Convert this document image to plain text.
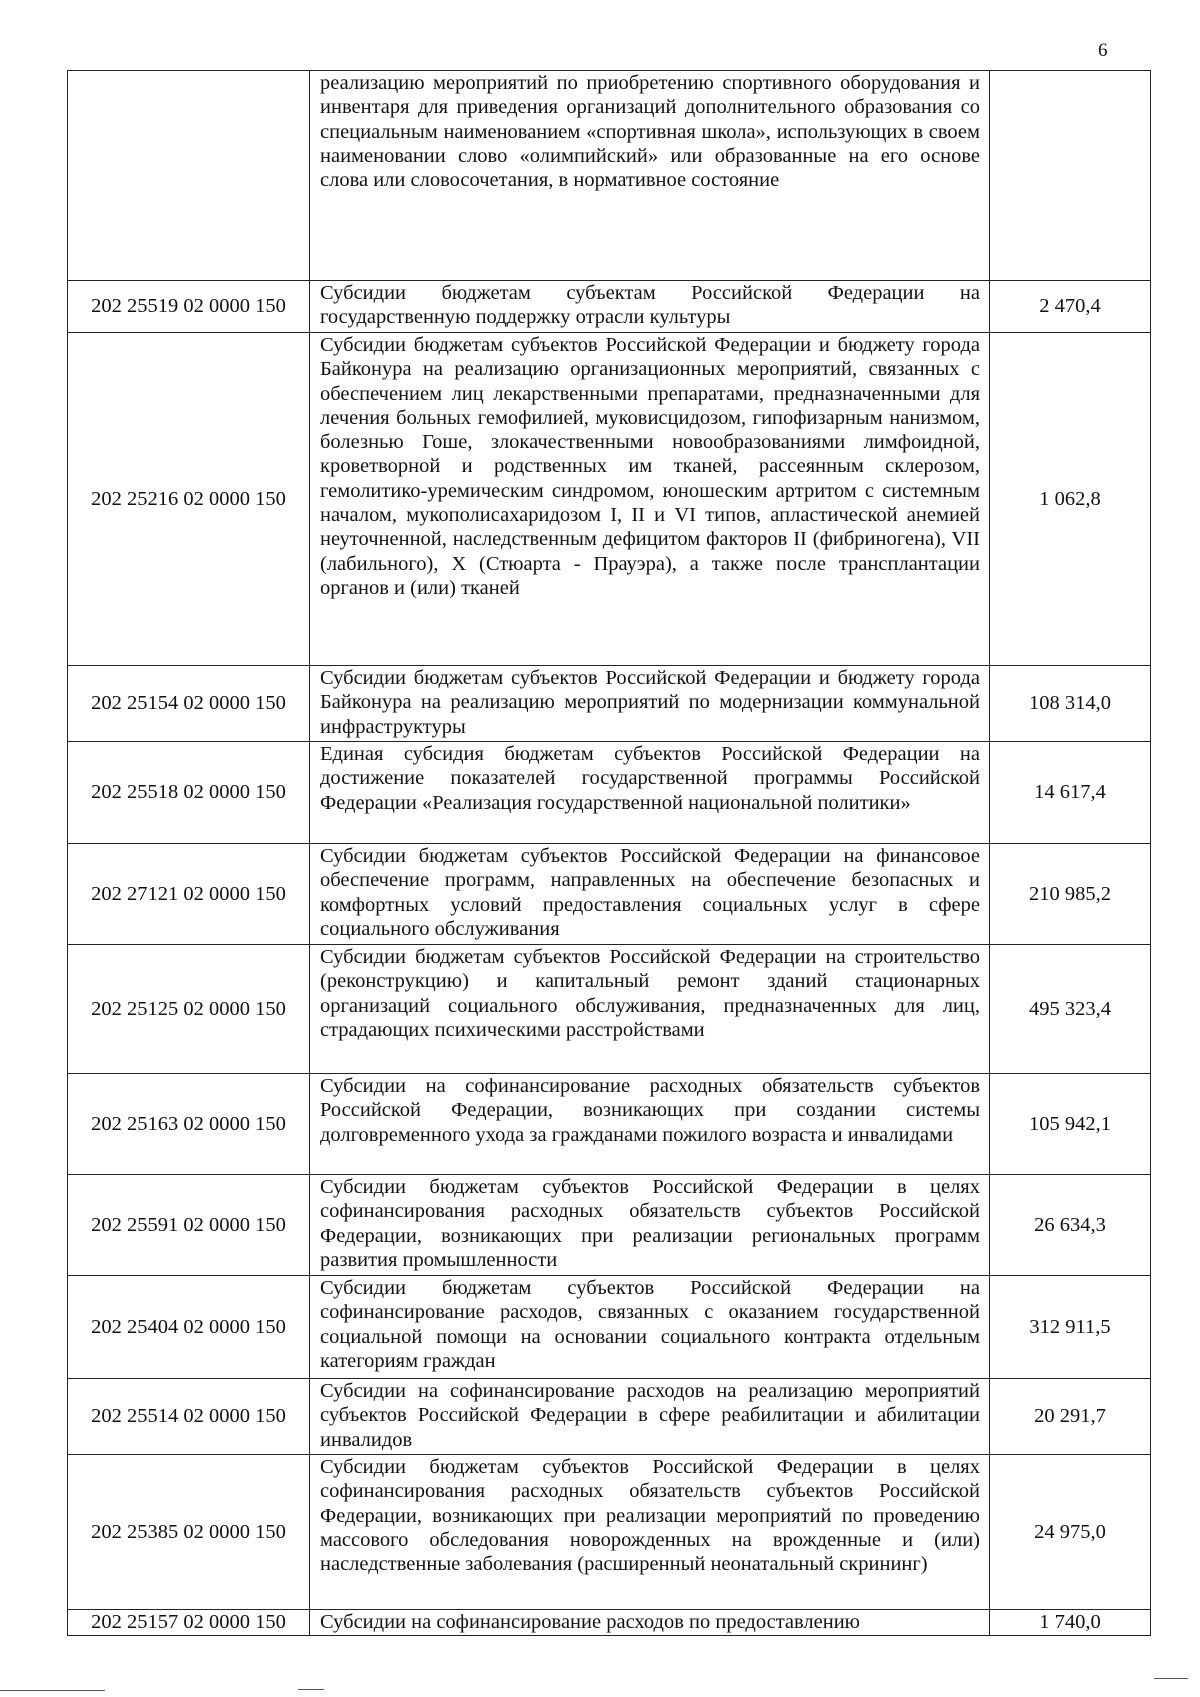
6
	реализацию мероприятий по приобретению спортивного оборудования и инвентаря для приведения организаций дополнительного образования со специальным наименованием «спортивная школа», использующих в своем наименовании слово «олимпийский» или образованные на его основе слова или словосочетания, в нормативное состояние	
202 25519 02 0000 150	Субсидии бюджетам субъектам Российской Федерации на государственную поддержку отрасли культуры	2 470,4
202 25216 02 0000 150	Субсидии бюджетам субъектов Российской Федерации и бюджету города Байконура на реализацию организационных мероприятий, связанных с обеспечением лиц лекарственными препаратами, предназначенными для лечения больных гемофилией, муковисцидозом, гипофизарным нанизмом, болезнью Гоше, злокачественными новообразованиями лимфоидной, кроветворной и родственных им тканей, рассеянным склерозом, гемолитико-уремическим синдромом, юношеским артритом с системным началом, мукополисахаридозом I, II и VI типов, апластической анемией неуточненной, наследственным дефицитом факторов II (фибриногена), VII (лабильного), X (Стюарта - Прауэра), а также после трансплантации органов и (или) тканей	1 062,8
202 25154 02 0000 150	Субсидии бюджетам субъектов Российской Федерации и бюджету города Байконура на реализацию мероприятий по модернизации коммунальной инфраструктуры	108 314,0
202 25518 02 0000 150	Единая субсидия бюджетам субъектов Российской Федерации на достижение показателей государственной программы Российской Федерации «Реализация государственной национальной политики»	14 617,4
202 27121 02 0000 150	Субсидии бюджетам субъектов Российской Федерации на финансовое обеспечение программ, направленных на обеспечение безопасных и комфортных условий предоставления социальных услуг в сфере социального обслуживания	210 985,2
202 25125 02 0000 150	Субсидии бюджетам субъектов Российской Федерации на строительство (реконструкцию) и капитальный ремонт зданий стационарных организаций социального обслуживания, предназначенных для лиц, страдающих психическими расстройствами	495 323,4
202 25163 02 0000 150	Субсидии на софинансирование расходных обязательств субъектов Российской Федерации, возникающих при создании системы долговременного ухода за гражданами пожилого возраста и инвалидами	105 942,1
202 25591 02 0000 150	Субсидии бюджетам субъектов Российской Федерации в целях софинансирования расходных обязательств субъектов Российской Федерации, возникающих при реализации региональных программ развития промышленности	26 634,3
202 25404 02 0000 150	Субсидии бюджетам субъектов Российской Федерации на софинансирование расходов, связанных с оказанием государственной социальной помощи на основании социального контракта отдельным категориям граждан	312 911,5
202 25514 02 0000 150	Субсидии на софинансирование расходов на реализацию мероприятий субъектов Российской Федерации в сфере реабилитации и абилитации инвалидов	20 291,7
202 25385 02 0000 150	Субсидии бюджетам субъектов Российской Федерации в целях софинансирования расходных обязательств субъектов Российской Федерации, возникающих при реализации мероприятий по проведению массового обследования новорожденных на врожденные и (или) наследственные заболевания (расширенный неонатальный скрининг)	24 975,0
202 25157 02 0000 150	Субсидии на софинансирование расходов по предоставлению	1 740,0
